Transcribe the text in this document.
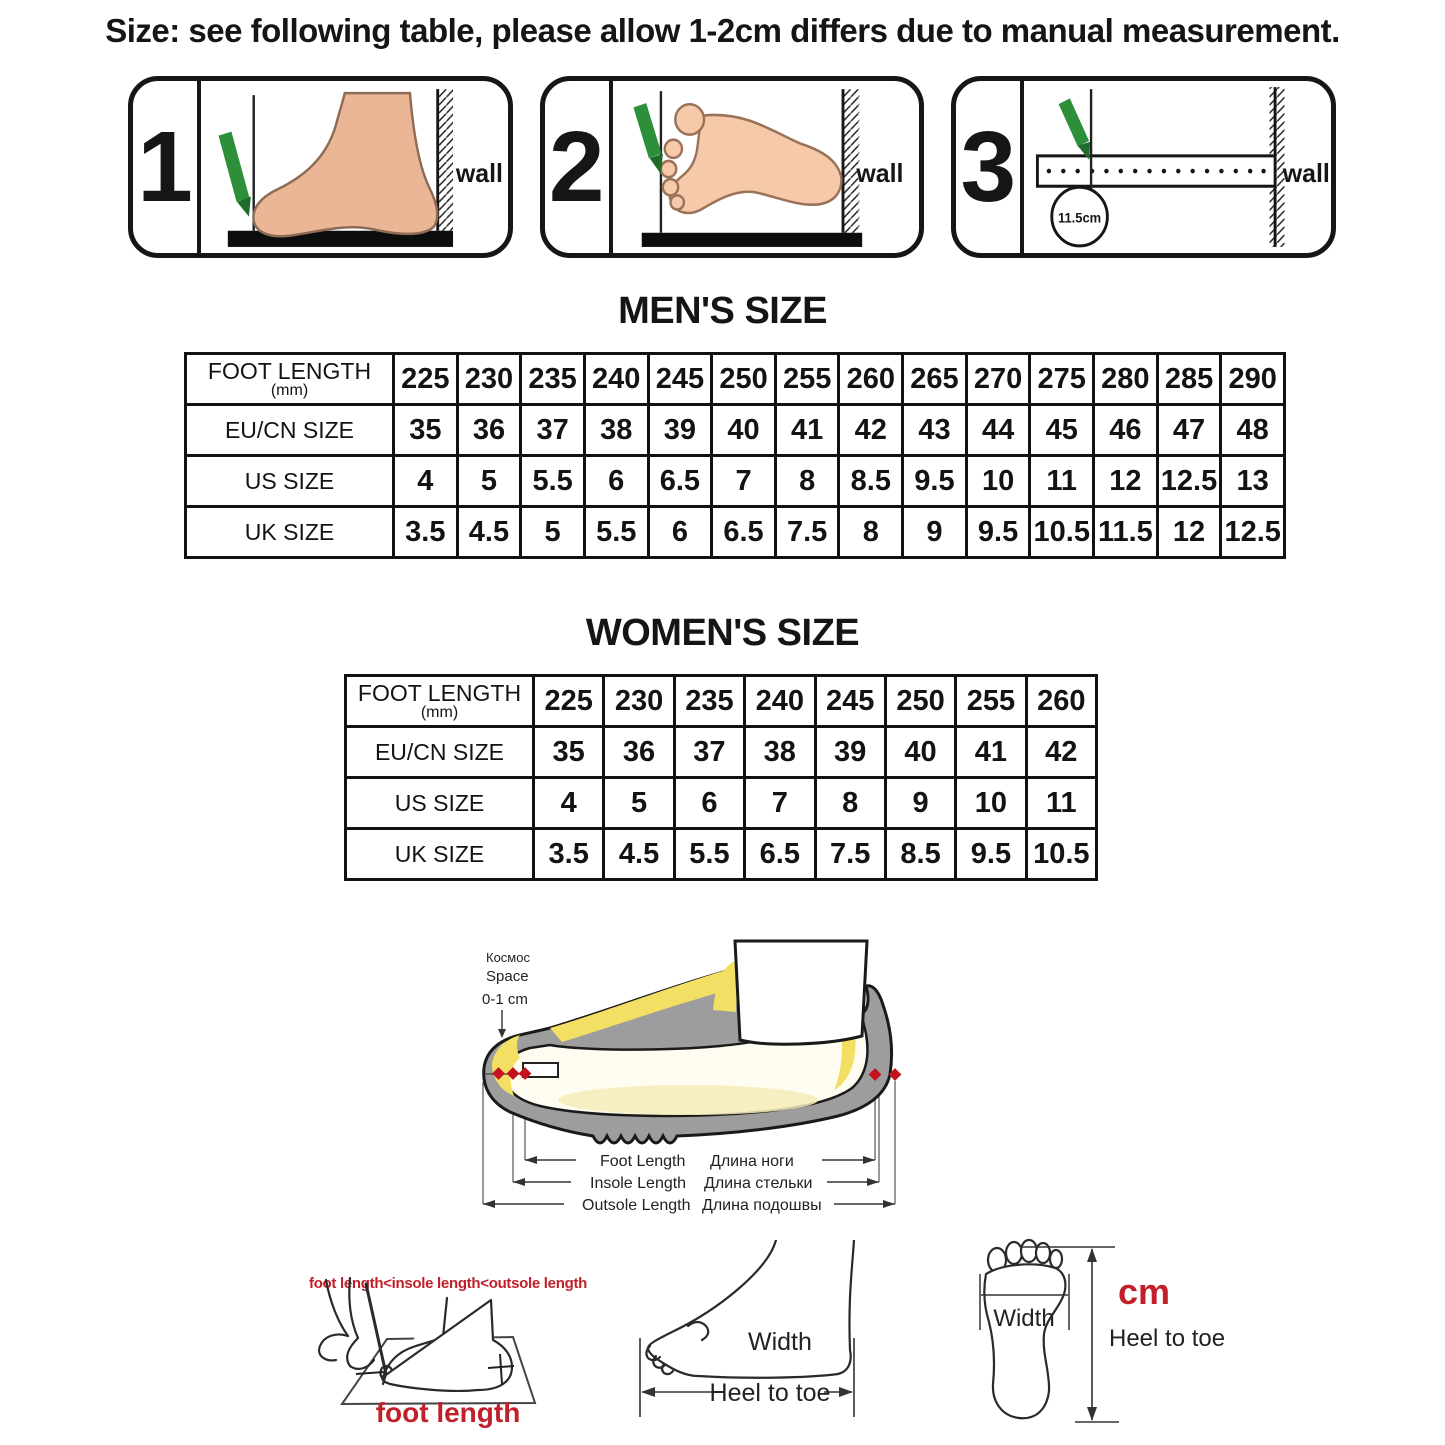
Size: see following table, please allow 1-2cm differs due to manual measurement.
1	wall 2	wall 3	11.5cm
wall
MEN'S SIZE
FOOT LENGTH
(mm)	225	230	235	240	245	250	255	260	265	270	275	280	285	290

EU/CN SIZE	35	36	37	38	39	40	41	42	43	44	45	46	47	48

US SIZE	4	5	5.5	6	6.5	7	8	8.5	9.5	10	11	12	12.5	13

UK SIZE	3.5	4.5	5	5.5	6	6.5	7.5	8	9	9.5	10.5	11.5	12	12.5
WOMEN'S SIZE
FOOT LENGTH
(mm)	225	230	235	240	245	250	255	260

EU/CN SIZE	35	36	37	38	39	40	41	42

US SIZE	4	5	6	7	8	9	10	11

UK SIZE	3.5	4.5	5.5	6.5	7.5	8.5	9.5	10.5
Космос
Space
0-1 cm
Foot Length Длина ноги
Insole Length Длина стельки
Outsole Length Длина подошвы
foot length<insole length<outsole length
foot length
Width
Heel to toe
Width
cm
Heel to toe
